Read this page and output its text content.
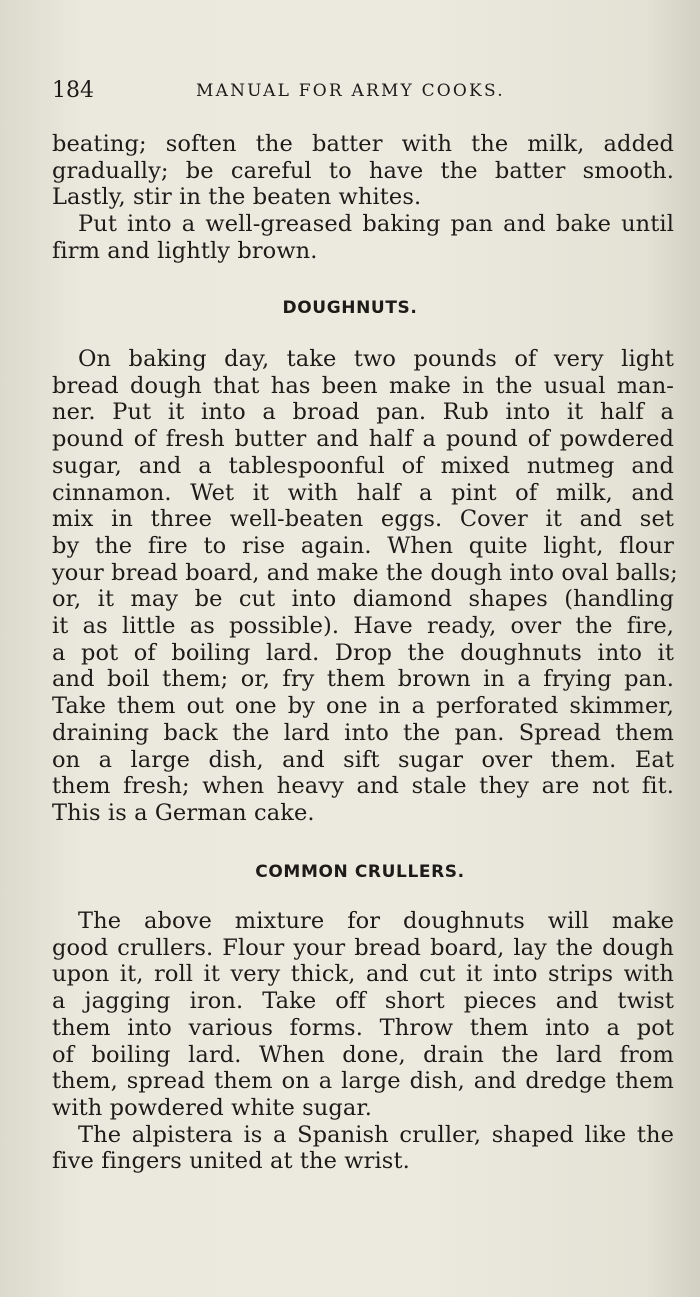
184	MANUAL FOR ARMY COOKS.
beating; soften the batter with the milk, added
gradually; be careful to have the batter smooth.
Lastly, stir in the beaten whites.
Put into a well-greased baking pan and bake until
firm and lightly brown.
DOUGHNUTS.
On baking day, take two pounds of very light
bread dough that has been make in the usual man-
ner. Put it into a broad pan. Rub into it half a
pound of fresh butter and half a pound of powdered
sugar, and a tablespoonful of mixed nutmeg and
cinnamon. Wet it with half a pint of milk, and
mix in three well-beaten eggs. Cover it and set
by the fire to rise again. When quite light, flour
your bread board, and make the dough into oval balls;
or, it may be cut into diamond shapes (handling
it as little as possible). Have ready, over the fire,
a pot of boiling lard. Drop the doughnuts into it
and boil them; or, fry them brown in a frying pan.
Take them out one by one in a perforated skimmer,
draining back the lard into the pan. Spread them
on a large dish, and sift sugar over them. Eat
them fresh; when heavy and stale they are not fit.
This is a German cake.
COMMON CRULLERS.
The above mixture for doughnuts will make
good crullers. Flour your bread board, lay the dough
upon it, roll it very thick, and cut it into strips with
a jagging iron. Take off short pieces and twist
them into various forms. Throw them into a pot
of boiling lard. When done, drain the lard from
them, spread them on a large dish, and dredge them
with powdered white sugar.
The alpistera is a Spanish cruller, shaped like the
five fingers united at the wrist.
